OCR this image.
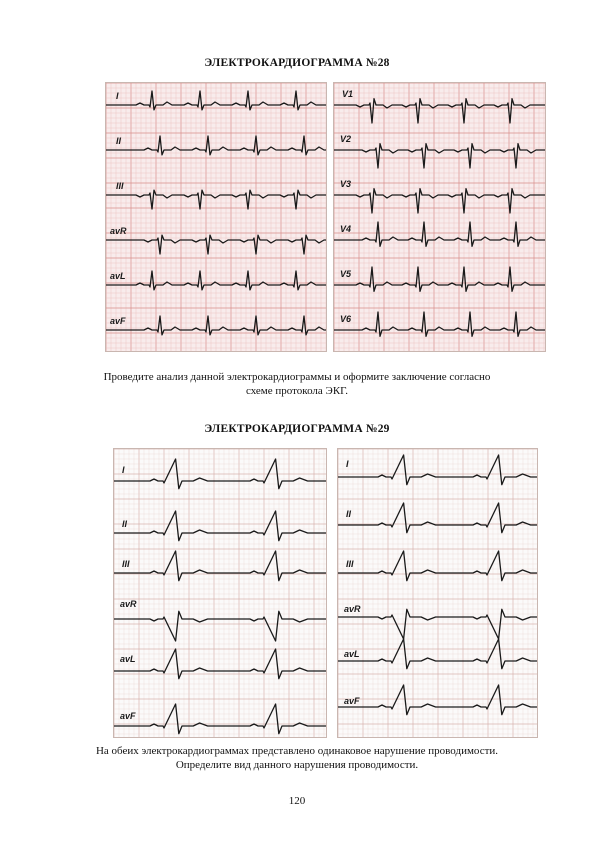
ЭЛЕКТРОКАРДИОГРАММА №28
I
II
III
avR
avL
avF
V1
V2
V3
V4
V5
V6
Проведите анализ данной электрокардиограммы и оформите заключение согласно
схеме протокола ЭКГ.
ЭЛЕКТРОКАРДИОГРАММА №29
I
II
III
avR
avL
avF
I
II
III
avR
avL
avF
На обеих электрокардиограммах представлено одинаковое нарушение проводимости.
Определите вид данного нарушения проводимости.
120
